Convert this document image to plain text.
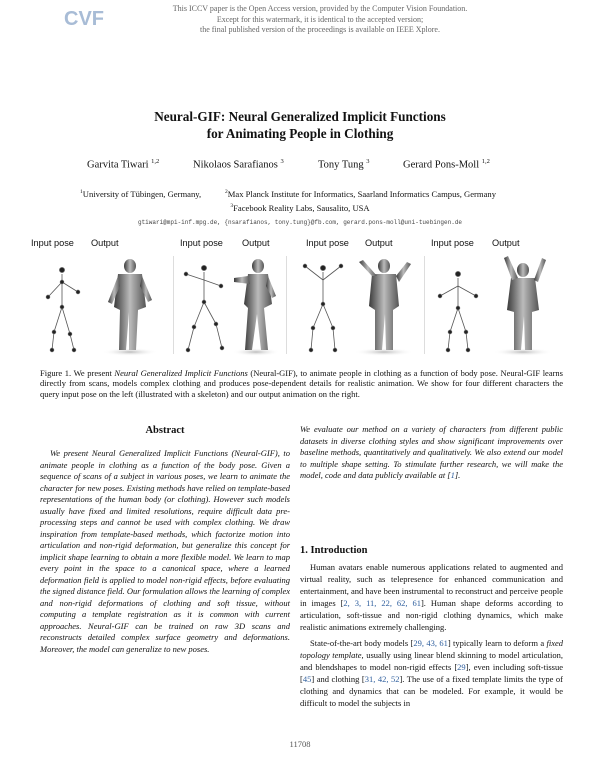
CVF	This ICCV paper is the Open Access version, provided by the Computer Vision Foundation.
Except for this watermark, it is identical to the accepted version;
the final published version of the proceedings is available on IEEE Xplore.
Neural-GIF: Neural Generalized Implicit Functions
for Animating People in Clothing
Garvita Tiwari $^{1,2}$	Nikolaos Sarafianos $^3$	Tony Tung $^3$	Gerard Pons-Moll $^{1,2}$
$^1$University of Tübingen, Germany,	$^2$Max Planck Institute for Informatics, Saarland Informatics Campus, Germany
$^3$Facebook Reality Labs, Sausalito, USA
gtiwari@mpi-inf.mpg.de, {nsarafianos, tony.tung}@fb.com, gerard.pons-moll@uni-tuebingen.de
Input pose Output	Input pose Output	Input pose Output	Input pose Output
Figure 1. We present Neural Generalized Implicit Functions (Neural-GIF), to animate people in clothing as a function of body pose. Neural-GIF learns directly from scans, models complex clothing and produces pose-dependent details for realistic animation. We show for four different characters the query input pose on the left (illustrated with a skeleton) and our output animation on the right.
Abstract
We present Neural Generalized Implicit Functions (Neural-GIF), to animate people in clothing as a function of the body pose. Given a sequence of scans of a subject in various poses, we learn to animate the character for new poses. Existing methods have relied on template-based representations of the human body (or clothing). However such models usually have fixed and limited resolutions, require difficult data pre-processing steps and cannot be used with complex clothing. We draw inspiration from template-based methods, which factorize motion into articulation and non-rigid deformation, but generalize this concept for implicit shape learning to obtain a more flexible model. We learn to map every point in the space to a canonical space, where a learned deformation field is applied to model non-rigid effects, before evaluating the signed distance field. Our formulation allows the learning of complex and non-rigid deformations of clothing and soft tissue, without computing a template registration as it is common with current approaches. Neural-GIF can be trained on raw 3D scans and reconstructs detailed complex surface geometry and deformations. Moreover, the model can generalize to new poses.
We evaluate our method on a variety of characters from different public datasets in diverse clothing styles and show significant improvements over baseline methods, quantitatively and qualitatively. We also extend our model to multiple shape setting. To stimulate further research, we will make the model, code and data publicly available at [1].
1. Introduction
Human avatars enable numerous applications related to augmented and virtual reality, such as telepresence for enhanced communication and entertainment, and have been instrumental to reconstruct and perceive people in images [2, 3, 11, 22, 62, 61]. Human shape deforms according to articulation, soft-tissue and non-rigid clothing dynamics, which make realistic animations extremely challenging.
State-of-the-art body models [29, 43, 61] typically learn to deform a fixed topology template, usually using linear blend skinning to model articulation, and blendshapes to model non-rigid effects [29], even including soft-tissue [45] and clothing [31, 42, 52]. The use of a fixed template limits the type of clothing and dynamics that can be modeled. For example, it would be difficult to model the subjects in
11708
